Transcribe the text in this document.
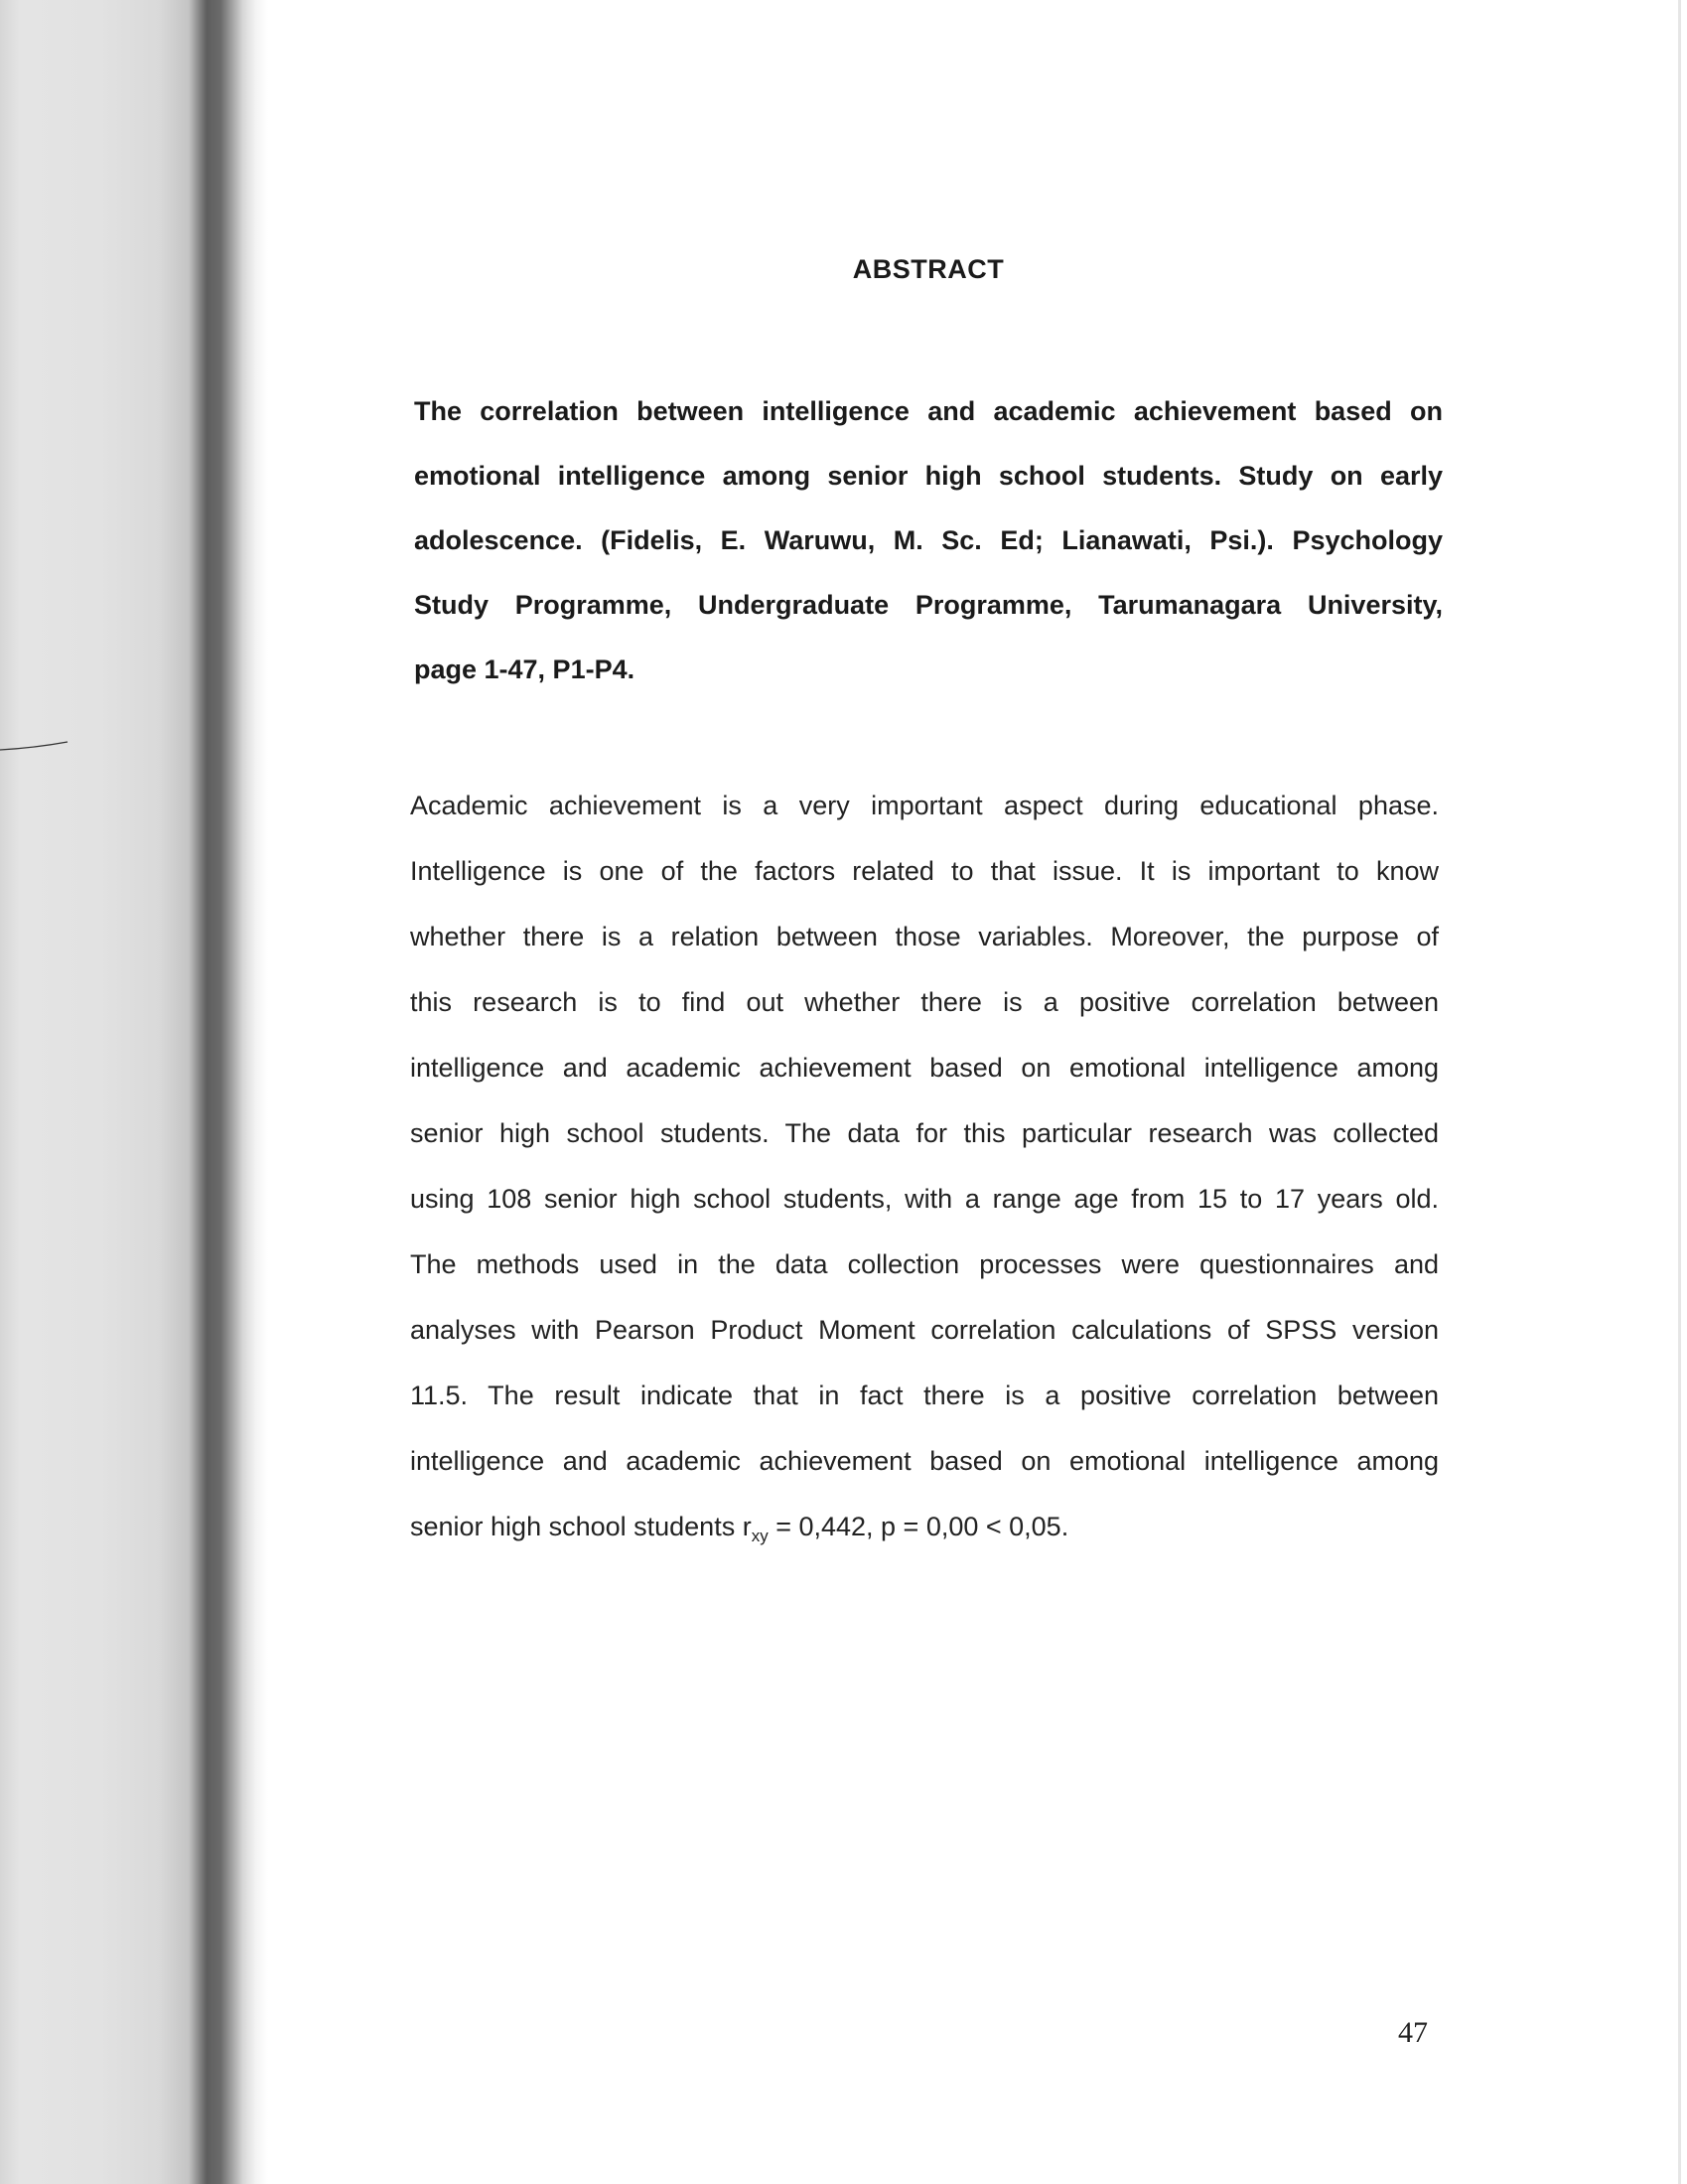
ABSTRACT
The correlation between intelligence and academic achievement based on
emotional intelligence among senior high school students. Study on early
adolescence. (Fidelis, E. Waruwu, M. Sc. Ed; Lianawati, Psi.). Psychology
Study Programme, Undergraduate Programme, Tarumanagara University,
page 1-47, P1-P4.
Academic achievement is a very important aspect during educational phase.
Intelligence is one of the factors related to that issue. It is important to know
whether there is a relation between those variables. Moreover, the purpose of
this research is to find out whether there is a positive correlation between
intelligence and academic achievement based on emotional intelligence among
senior high school students. The data for this particular research was collected
using 108 senior high school students, with a range age from 15 to 17 years old.
The methods used in the data collection processes were questionnaires and
analyses with Pearson Product Moment correlation calculations of SPSS version
11.5. The result indicate that in fact there is a positive correlation between
intelligence and academic achievement based on emotional intelligence among
senior high school students $r_{xy} = 0,442$, p = 0,00 < 0,05.
47
